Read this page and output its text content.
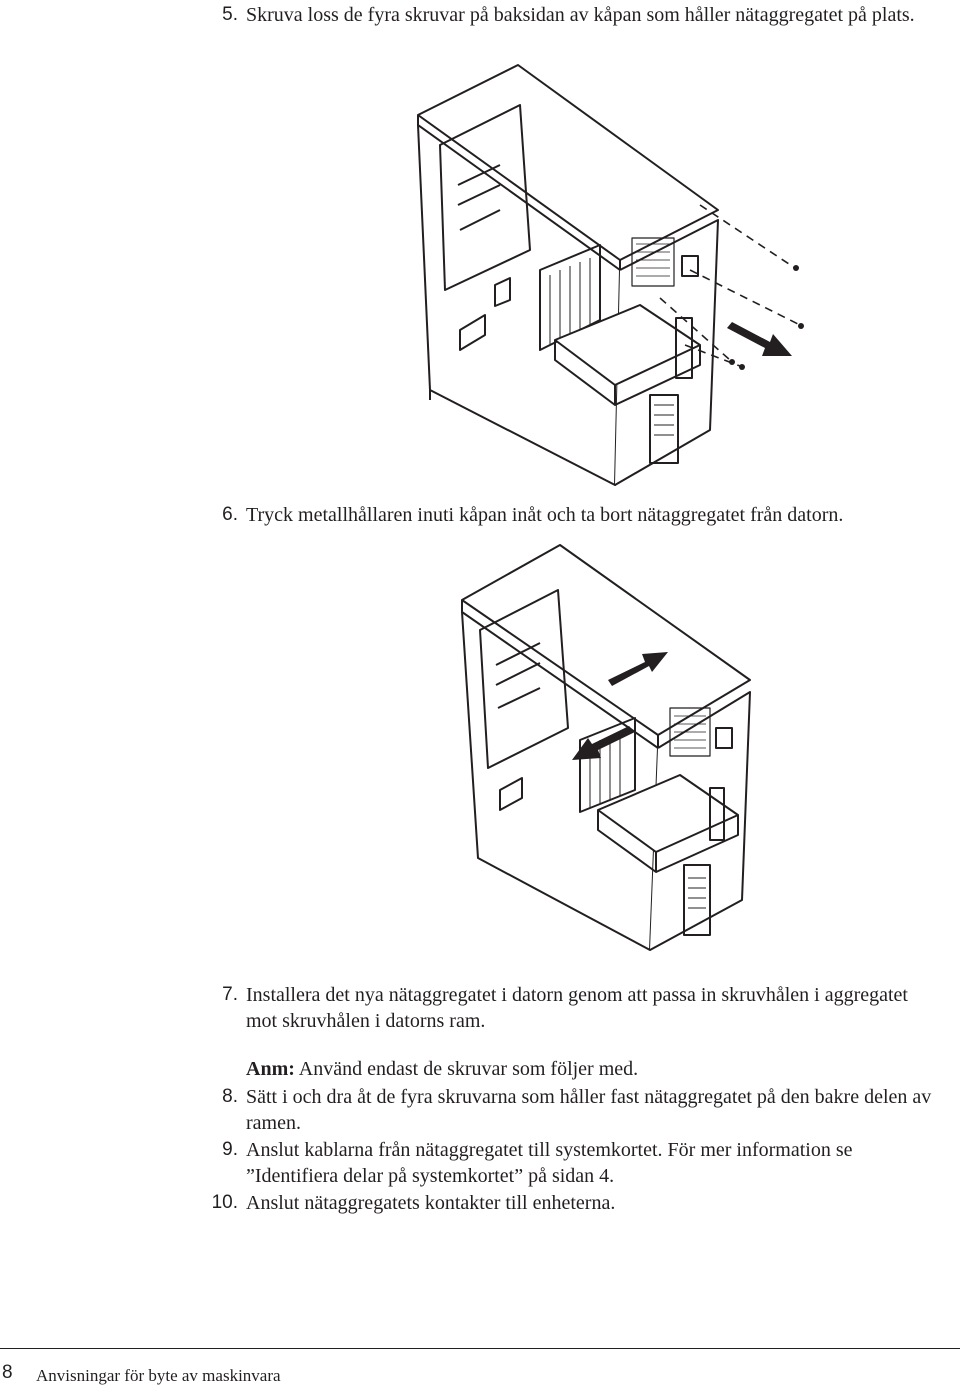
5. Skruva loss de fyra skruvar på baksidan av kåpan som håller nätaggregatet på plats.
6. Tryck metallhållaren inuti kåpan inåt och ta bort nätaggregatet från datorn.
7. Installera det nya nätaggregatet i datorn genom att passa in skruvhålen i aggregatet mot skruvhålen i datorns ram.
Anm: Använd endast de skruvar som följer med.
8. Sätt i och dra åt de fyra skruvarna som håller fast nätaggregatet på den bakre delen av ramen.
9. Anslut kablarna från nätaggregatet till systemkortet. För mer information se ”Identifiera delar på systemkortet” på sidan 4.
10. Anslut nätaggregatets kontakter till enheterna.
8 Anvisningar för byte av maskinvara
